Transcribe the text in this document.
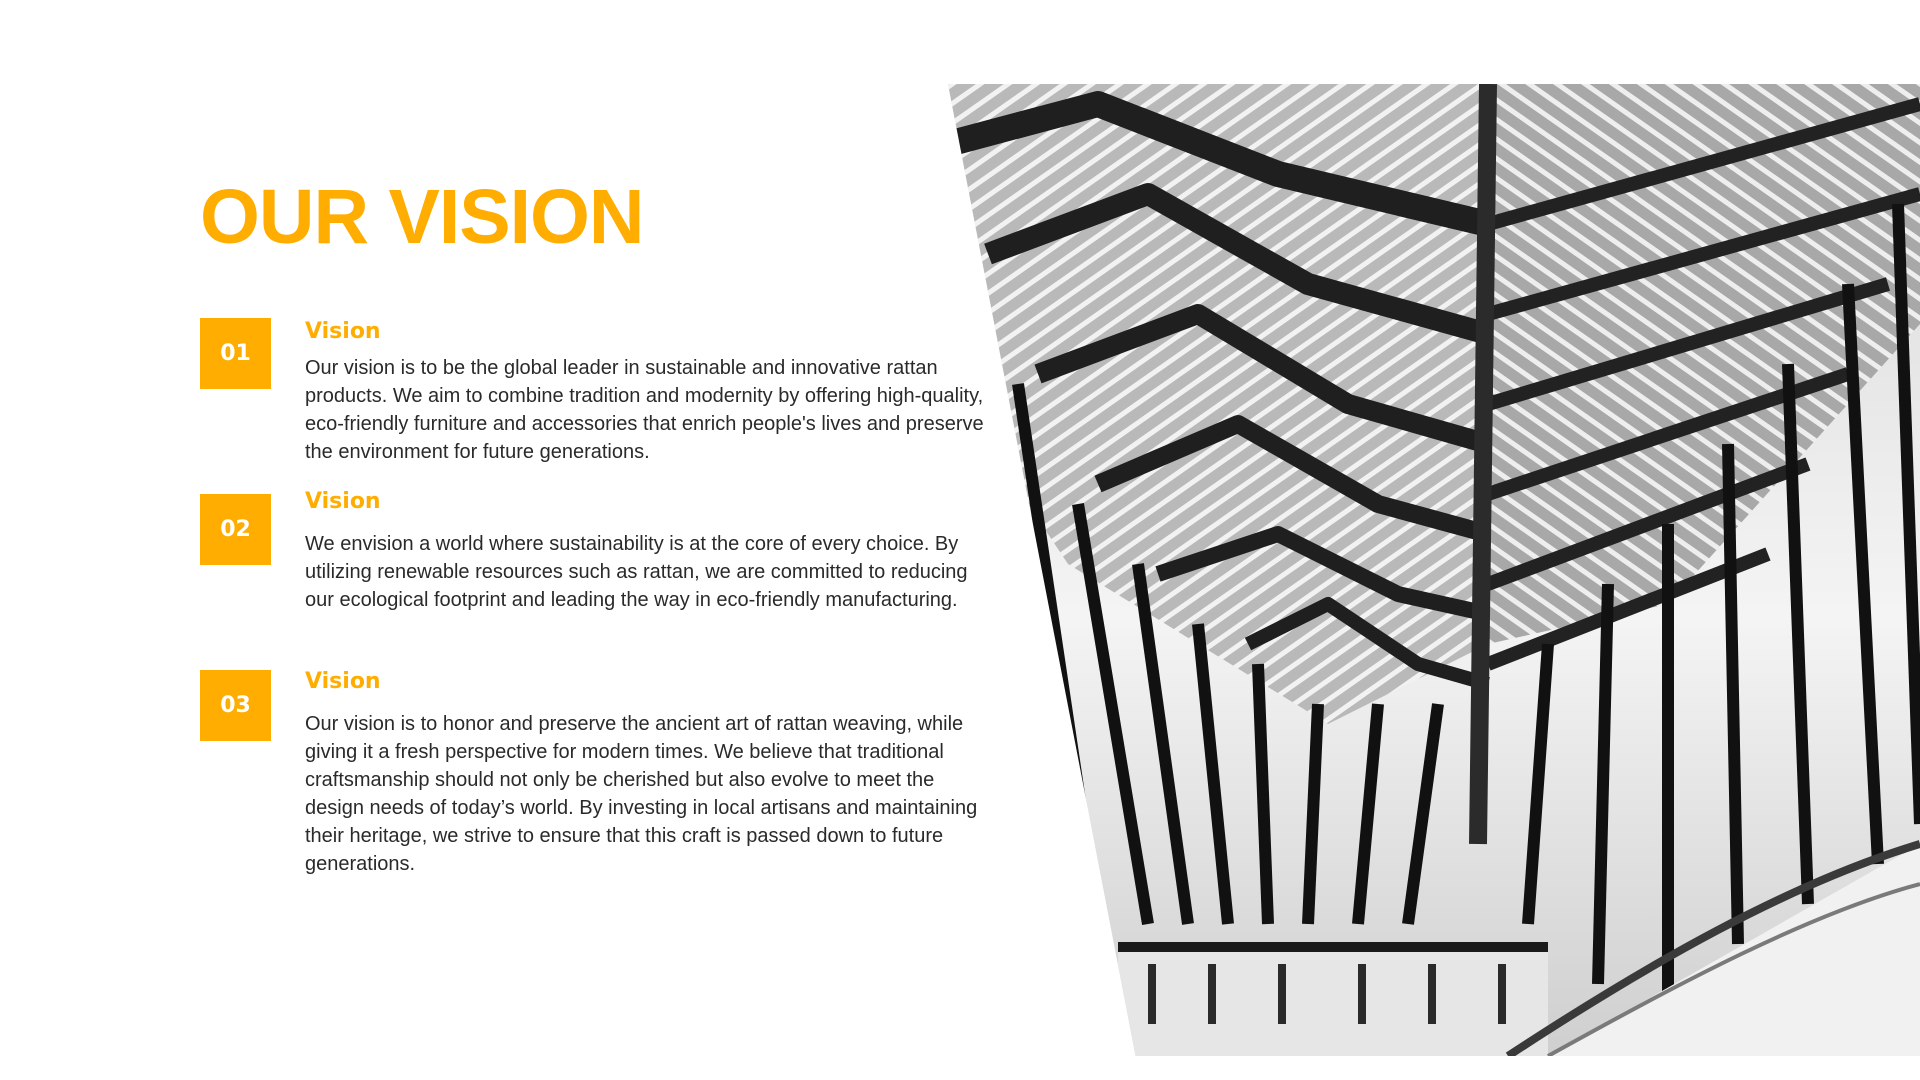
OUR VISION
01
Vision

Our vision is to be the global leader in sustainable and innovative rattan products. We aim to combine tradition and modernity by offering high-quality, eco-friendly furniture and accessories that enrich people's lives and preserve the environment for future generations.

02
Vision

We envision a world where sustainability is at the core of every choice. By utilizing renewable resources such as rattan, we are committed to reducing our ecological footprint and leading the way in eco-friendly manufacturing.

03
Vision

Our vision is to honor and preserve the ancient art of rattan weaving, while giving it a fresh perspective for modern times. We believe that traditional craftsmanship should not only be cherished but also evolve to meet the design needs of today’s world. By investing in local artisans and maintaining their heritage, we strive to ensure that this craft is passed down to future generations.
